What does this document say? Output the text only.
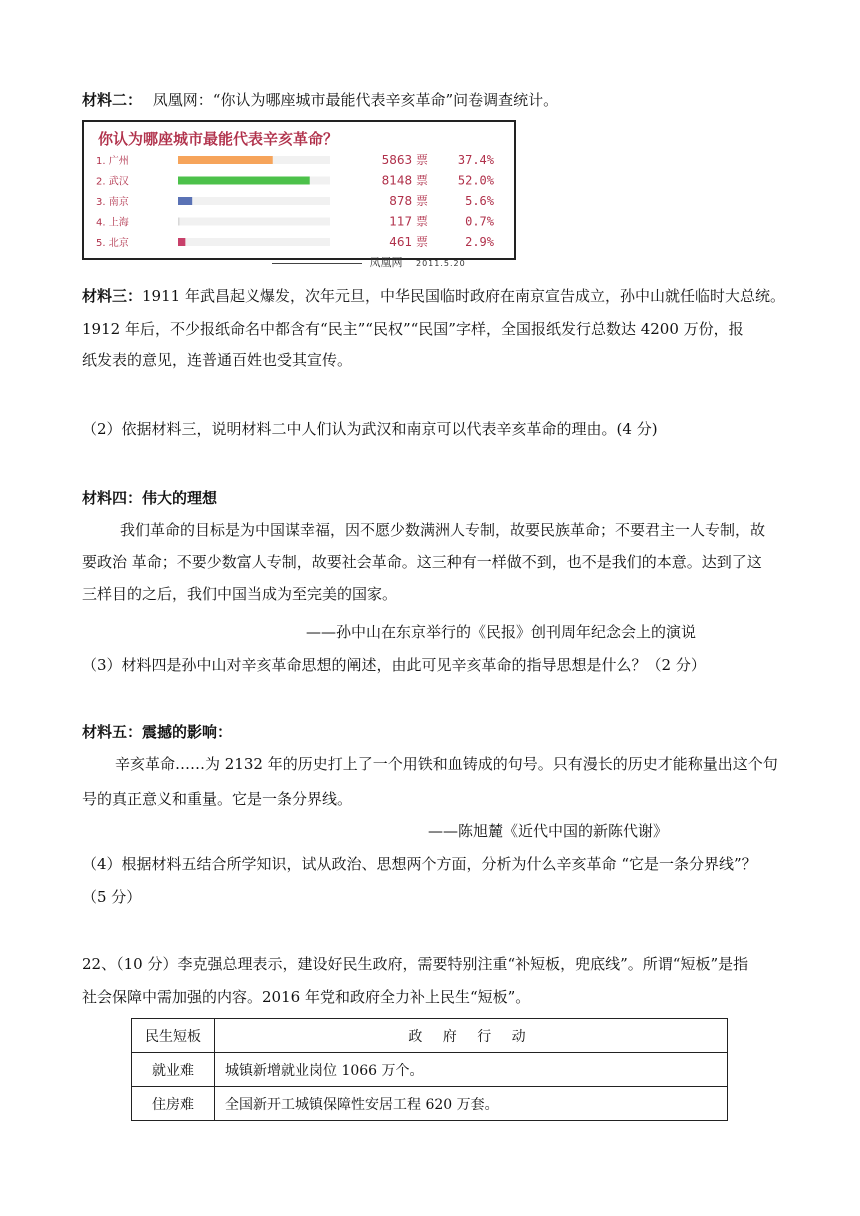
材料二： 凤凰网：“你认为哪座城市最能代表辛亥革命”问卷调查统计。
你认为哪座城市最能代表辛亥革命？
1. 广州	5863 票 37.4%
2. 武汉	8148 票 52.0%
3. 南京	878 票	5.6%
4. 上海	117 票	0.7%
5. 北京	461 票	2.9%
凤凰网 2011.5.20
材料三：1911 年武昌起义爆发，次年元旦，中华民国临时政府在南京宣告成立，孙中山就任临时大总统。
1912 年后，不少报纸命名中都含有“民主”“民权”“民国”字样，全国报纸发行总数达 4200 万份，报
纸发表的意见，连普通百姓也受其宣传。
（2）依据材料三，说明材料二中人们认为武汉和南京可以代表辛亥革命的理由。(4 分)
材料四：伟大的理想
我们革命的目标是为中国谋幸福，因不愿少数满洲人专制，故要民族革命；不要君主一人专制，故
要政治 革命；不要少数富人专制，故要社会革命。这三种有一样做不到，也不是我们的本意。达到了这
三样目的之后，我们中国当成为至完美的国家。
——孙中山在东京举行的《民报》创刊周年纪念会上的演说
（3）材料四是孙中山对辛亥革命思想的阐述，由此可见辛亥革命的指导思想是什么？（2 分）
材料五：震撼的影响：
辛亥革命……为 2132 年的历史打上了一个用铁和血铸成的句号。只有漫长的历史才能称量出这个句
号的真正意义和重量。它是一条分界线。
——陈旭麓《近代中国的新陈代谢》
（4）根据材料五结合所学知识，试从政治、思想两个方面，分析为什么辛亥革命 “它是一条分界线”？
（5 分）
22、（10 分）李克强总理表示，建设好民生政府，需要特别注重“补短板，兜底线”。所谓“短板”是指
社会保障中需加强的内容。2016 年党和政府全力补上民生“短板”。
民生短板	政 府 行 动
就业难	城镇新增就业岗位 1066 万个。
住房难	全国新开工城镇保障性安居工程 620 万套。
